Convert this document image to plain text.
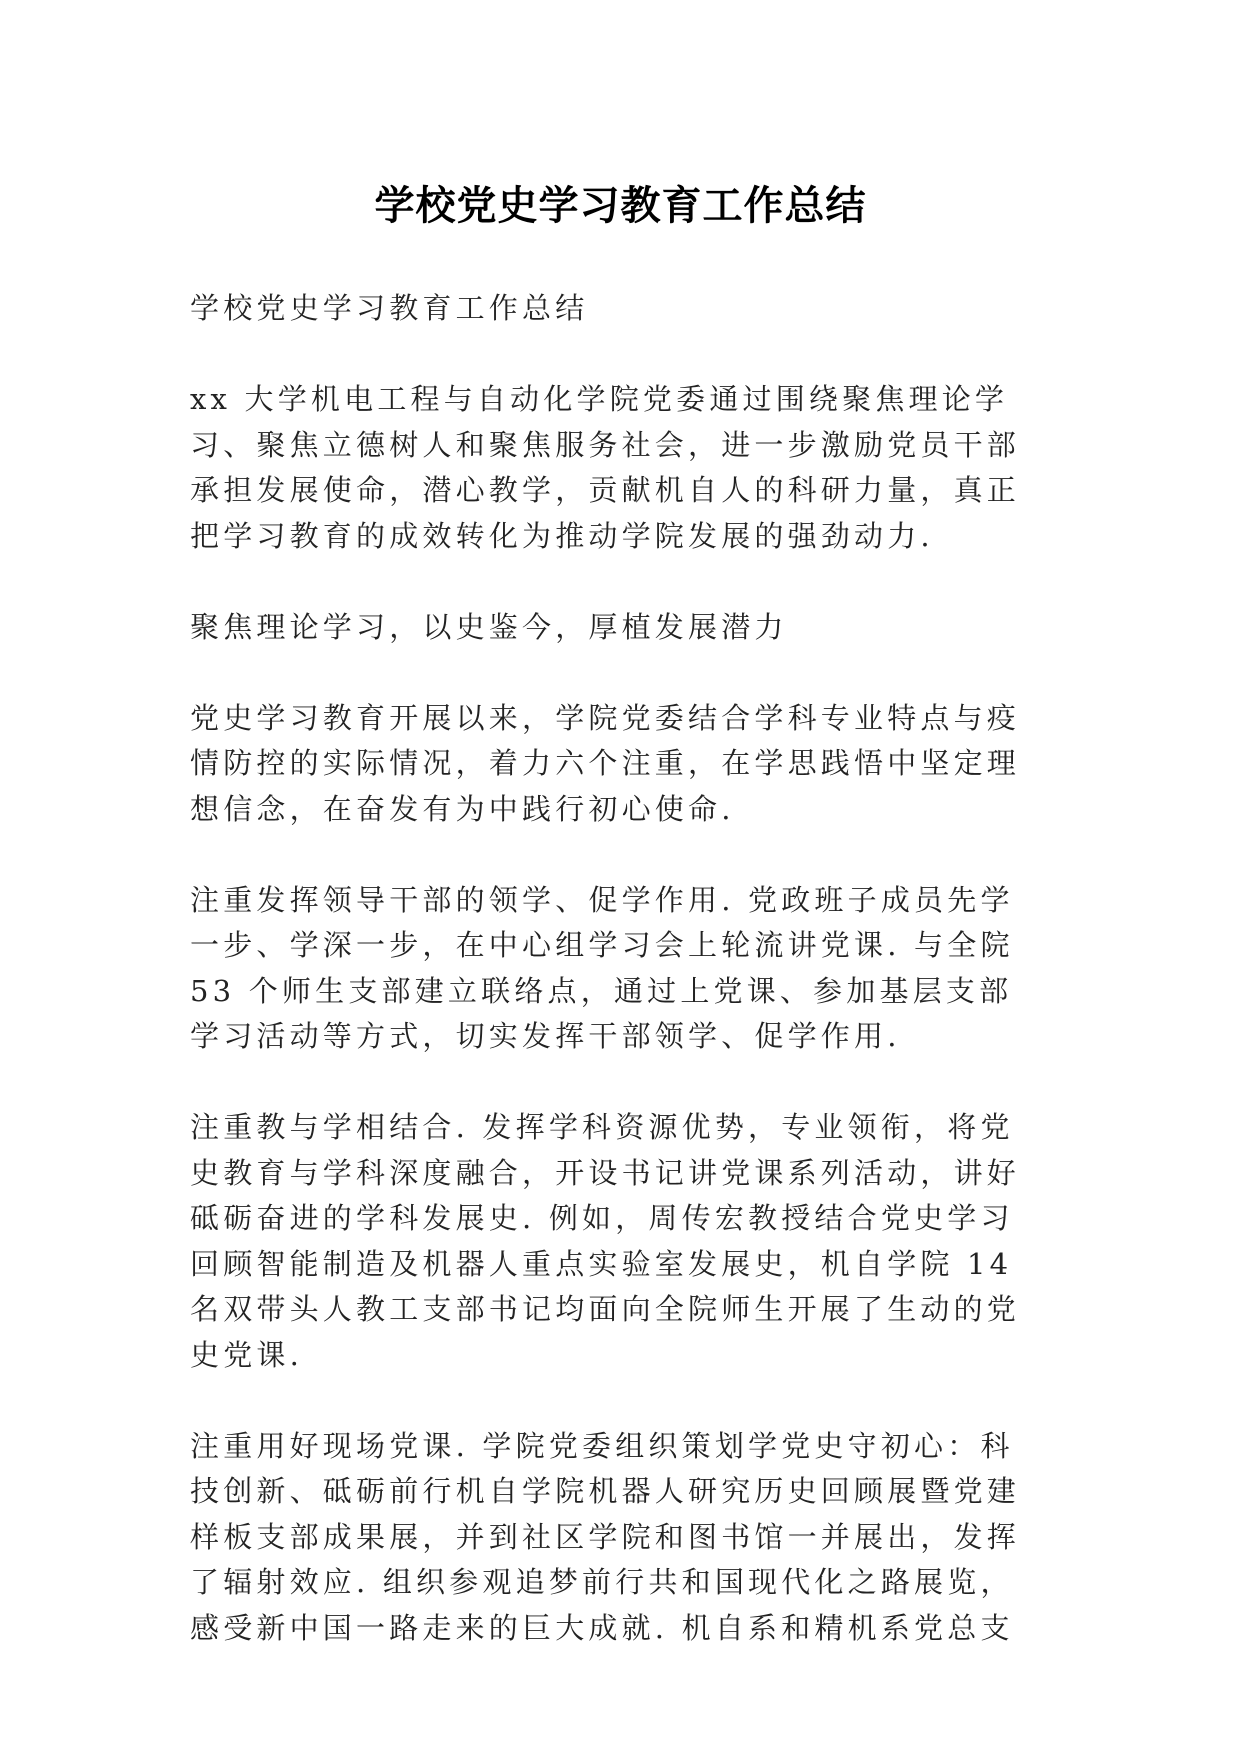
学校党史学习教育工作总结

学校党史学习教育工作总结

xx 大学机电工程与自动化学院党委通过围绕聚焦理论学习、聚焦立德树人和聚焦服务社会，进一步激励党员干部承担发展使命，潜心教学，贡献机自人的科研力量，真正把学习教育的成效转化为推动学院发展的强劲动力.

聚焦理论学习，以史鉴今，厚植发展潜力

党史学习教育开展以来，学院党委结合学科专业特点与疫情防控的实际情况，着力六个注重，在学思践悟中坚定理想信念，在奋发有为中践行初心使命.

注重发挥领导干部的领学、促学作用. 党政班子成员先学一步、学深一步，在中心组学习会上轮流讲党课. 与全院 53 个师生支部建立联络点，通过上党课、参加基层支部学习活动等方式，切实发挥干部领学、促学作用.

注重教与学相结合. 发挥学科资源优势，专业领衔，将党史教育与学科深度融合，开设书记讲党课系列活动，讲好砥砺奋进的学科发展史. 例如，周传宏教授结合党史学习回顾智能制造及机器人重点实验室发展史，机自学院 14 名双带头人教工支部书记均面向全院师生开展了生动的党史党课.

注重用好现场党课. 学院党委组织策划学党史守初心：科技创新、砥砺前行机自学院机器人研究历史回顾展暨党建样板支部成果展，并到社区学院和图书馆一并展出，发挥了辐射效应. 组织参观追梦前行共和国现代化之路展览，感受新中国一路走来的巨大成就. 机自系和精机系党总支
